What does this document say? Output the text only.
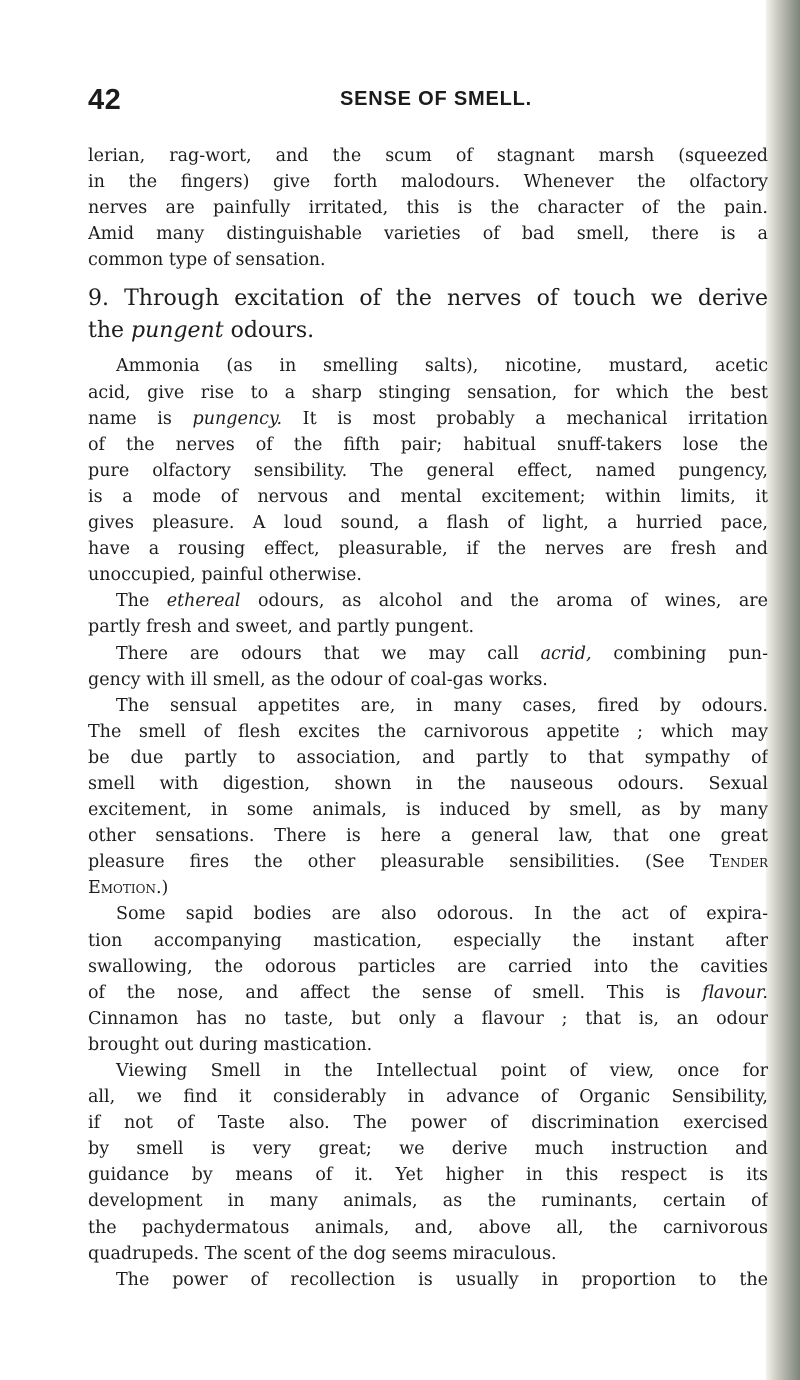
42	SENSE OF SMELL.
lerian, rag-wort, and the scum of stagnant marsh (squeezed
in the fingers) give forth malodours. Whenever the olfactory
nerves are painfully irritated, this is the character of the pain.
Amid many distinguishable varieties of bad smell, there is a
common type of sensation.
9. Through excitation of the nerves of touch we derive
the pungent odours.
Ammonia (as in smelling salts), nicotine, mustard, acetic
acid, give rise to a sharp stinging sensation, for which the best
name is pungency. It is most probably a mechanical irritation
of the nerves of the fifth pair; habitual snuff-takers lose the
pure olfactory sensibility. The general effect, named pungency,
is a mode of nervous and mental excitement; within limits, it
gives pleasure. A loud sound, a flash of light, a hurried pace,
have a rousing effect, pleasurable, if the nerves are fresh and
unoccupied, painful otherwise.
The ethereal odours, as alcohol and the aroma of wines, are
partly fresh and sweet, and partly pungent.
There are odours that we may call acrid, combining pun-
gency with ill smell, as the odour of coal-gas works.
The sensual appetites are, in many cases, fired by odours.
The smell of flesh excites the carnivorous appetite ; which may
be due partly to association, and partly to that sympathy of
smell with digestion, shown in the nauseous odours. Sexual
excitement, in some animals, is induced by smell, as by many
other sensations. There is here a general law, that one great
pleasure fires the other pleasurable sensibilities. (See Tender
Emotion.)
Some sapid bodies are also odorous. In the act of expira-
tion accompanying mastication, especially the instant after
swallowing, the odorous particles are carried into the cavities
of the nose, and affect the sense of smell. This is flavour.
Cinnamon has no taste, but only a flavour ; that is, an odour
brought out during mastication.
Viewing Smell in the Intellectual point of view, once for
all, we find it considerably in advance of Organic Sensibility,
if not of Taste also. The power of discrimination exercised
by smell is very great; we derive much instruction and
guidance by means of it. Yet higher in this respect is its
development in many animals, as the ruminants, certain of
the pachydermatous animals, and, above all, the carnivorous
quadrupeds. The scent of the dog seems miraculous.
The power of recollection is usually in proportion to the
